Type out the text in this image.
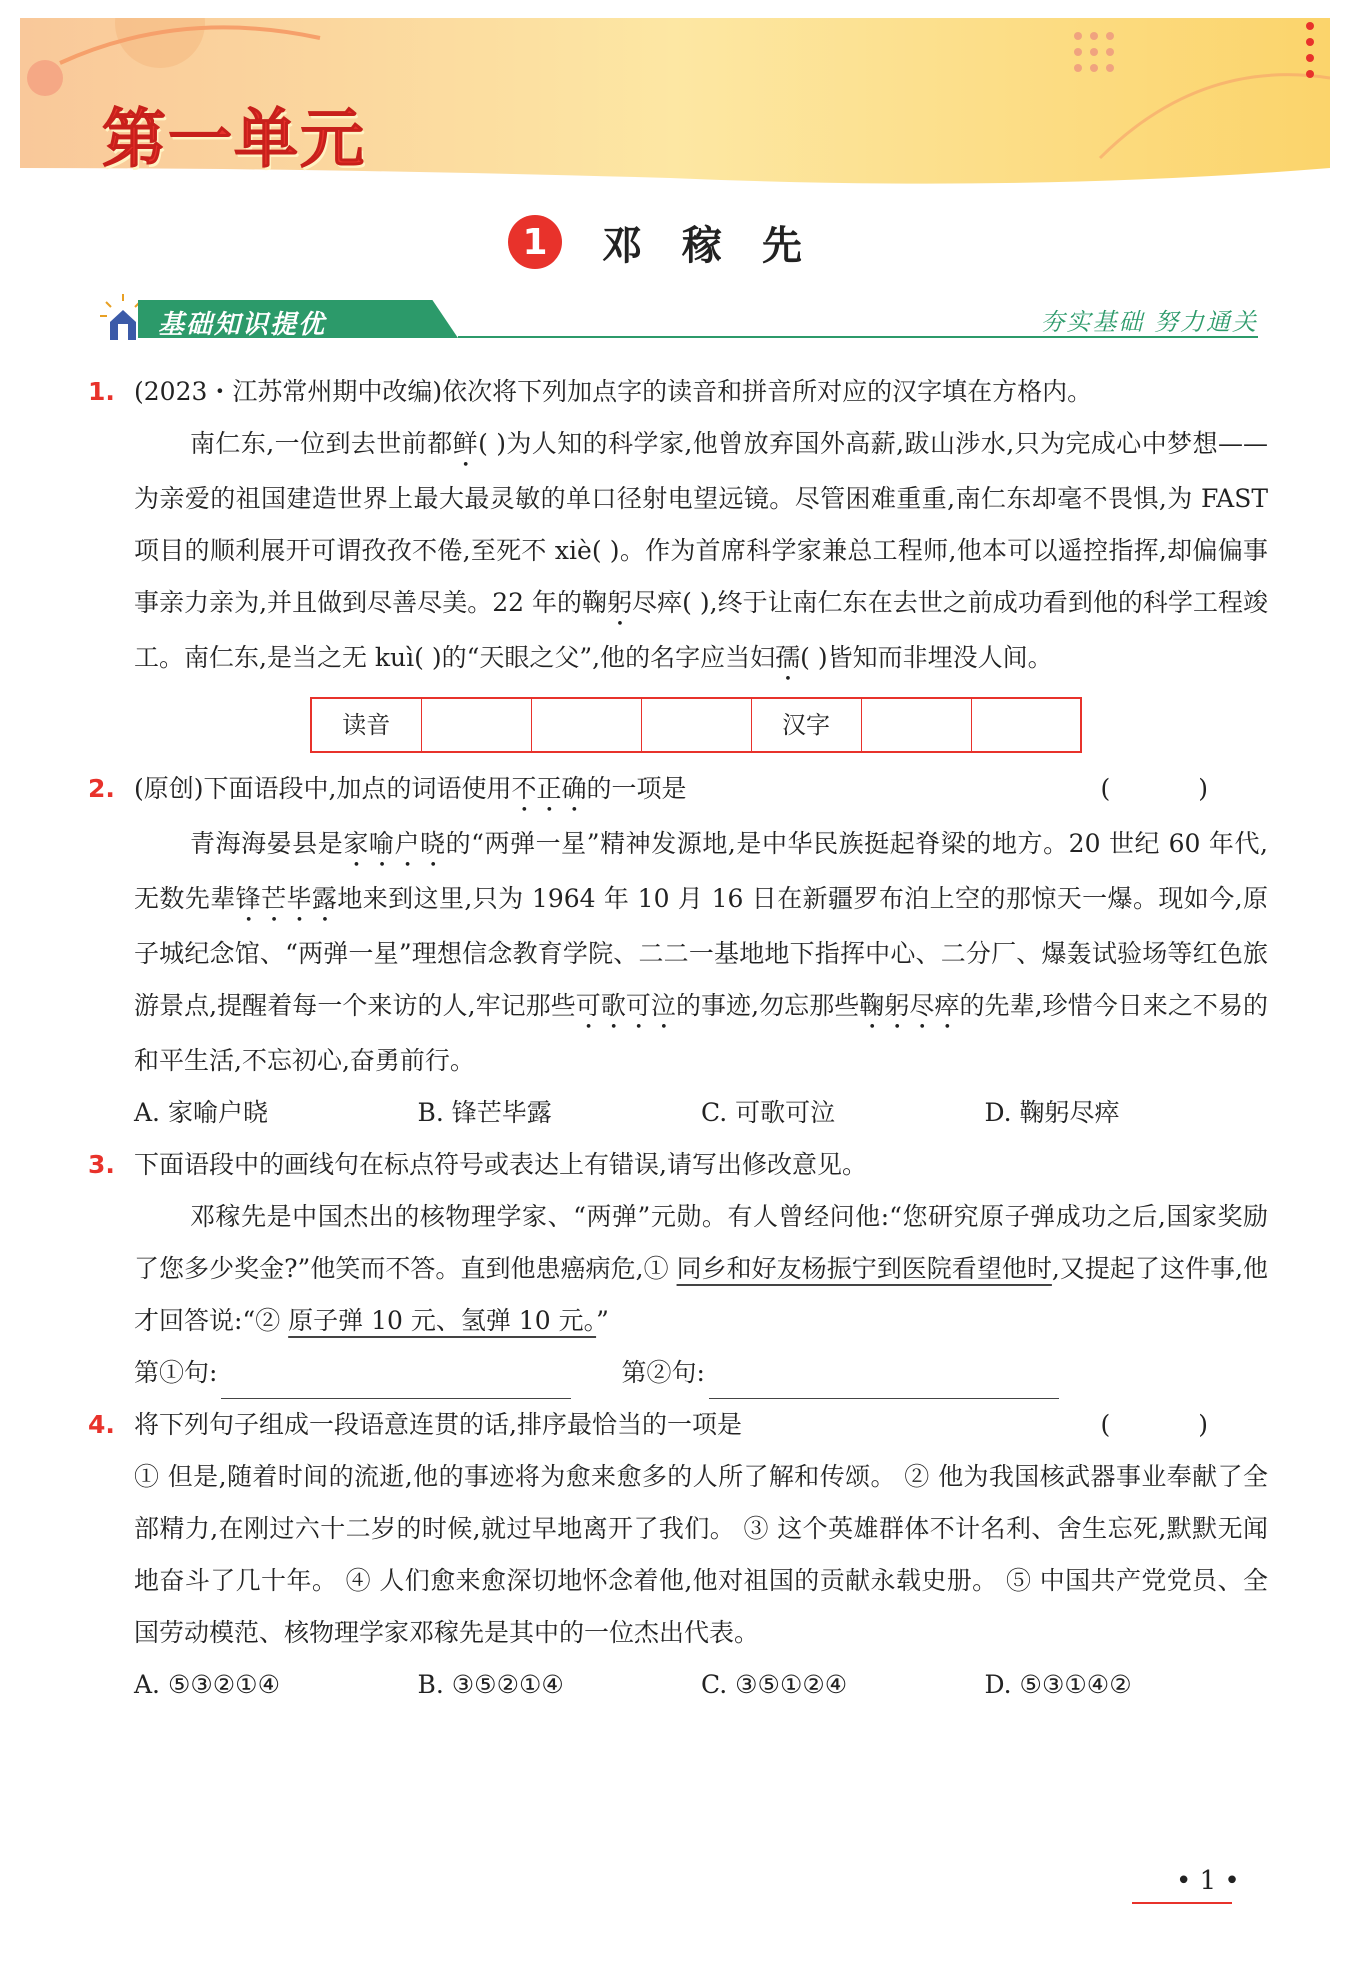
第一单元
1	邓稼先
基础知识提优	夯实基础 努力通关
1. (2023・江苏常州期中改编)依次将下列加点字的读音和拼音所对应的汉字填在方格内。
南仁东,一位到去世前都鲜( )为人知的科学家,他曾放弃国外高薪,跋山涉水,只为完成心中梦想——为亲爱的祖国建造世界上最大最灵敏的单口径射电望远镜。尽管困难重重,南仁东却毫不畏惧,为 FAST 项目的顺利展开可谓孜孜不倦,至死不 xiè( )。作为首席科学家兼总工程师,他本可以遥控指挥,却偏偏事事亲力亲为,并且做到尽善尽美。22 年的鞠躬尽瘁( ),终于让南仁东在去世之前成功看到他的科学工程竣工。南仁东,是当之无 kuì( )的“天眼之父”,他的名字应当妇孺( )皆知而非埋没人间。
读音				汉字		
2. (原创)下面语段中,加点的词语使用不正确的一项是	( )
青海海晏县是家喻户晓的“两弹一星”精神发源地,是中华民族挺起脊梁的地方。20 世纪 60 年代,无数先辈锋芒毕露地来到这里,只为 1964 年 10 月 16 日在新疆罗布泊上空的那惊天一爆。现如今,原子城纪念馆、“两弹一星”理想信念教育学院、二二一基地地下指挥中心、二分厂、爆轰试验场等红色旅游景点,提醒着每一个来访的人,牢记那些可歌可泣的事迹,勿忘那些鞠躬尽瘁的先辈,珍惜今日来之不易的和平生活,不忘初心,奋勇前行。
A. 家喻户晓	B. 锋芒毕露	C. 可歌可泣	D. 鞠躬尽瘁
3. 下面语段中的画线句在标点符号或表达上有错误,请写出修改意见。
邓稼先是中国杰出的核物理学家、“两弹”元勋。有人曾经问他:“您研究原子弹成功之后,国家奖励了您多少奖金?”他笑而不答。直到他患癌病危,① 同乡和好友杨振宁到医院看望他时,又提起了这件事,他才回答说:“② 原子弹 10 元、氢弹 10 元。”
第①句:	第②句:
4. 将下列句子组成一段语意连贯的话,排序最恰当的一项是	( )
① 但是,随着时间的流逝,他的事迹将为愈来愈多的人所了解和传颂。 ② 他为我国核武器事业奉献了全部精力,在刚过六十二岁的时候,就过早地离开了我们。 ③ 这个英雄群体不计名利、舍生忘死,默默无闻地奋斗了几十年。 ④ 人们愈来愈深切地怀念着他,他对祖国的贡献永载史册。 ⑤ 中国共产党党员、全国劳动模范、核物理学家邓稼先是其中的一位杰出代表。
A. ⑤③②①④	B. ③⑤②①④	C. ③⑤①②④	D. ⑤③①④②
• 1 •
